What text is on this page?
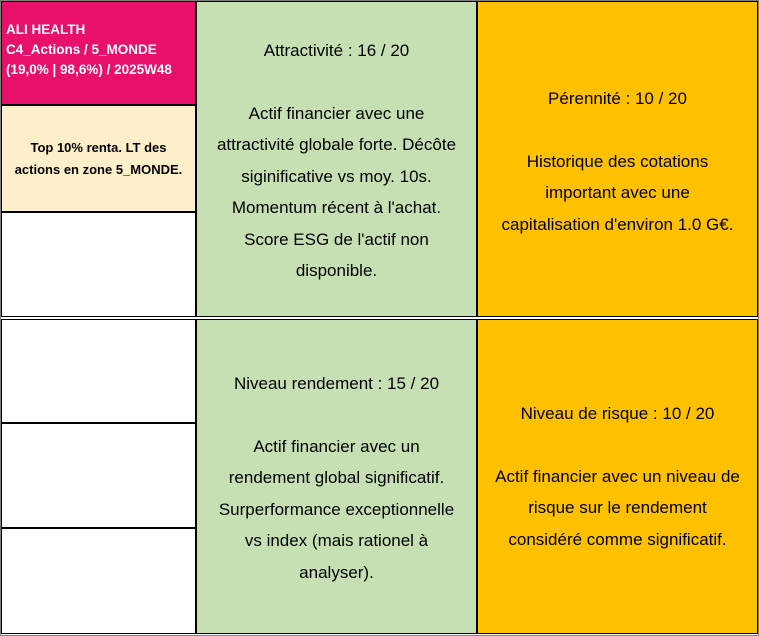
ALI HEALTH
C4_Actions / 5_MONDE
(19,0% | 98,6%) / 2025W48
Top 10% renta. LT des actions en zone 5_MONDE.
Attractivité : 16 / 20
Actif financier avec une
attractivité globale forte. Décôte
siginificative vs moy. 10s.
Momentum récent à l'achat.
Score ESG de l'actif non
disponible.
Pérennité : 10 / 20
Historique des cotations
important avec une
capitalisation d'environ 1.0 G€.
Niveau rendement : 15 / 20
Actif financier avec un
rendement global significatif.
Surperformance exceptionnelle
vs index (mais rationel à
analyser).
Niveau de risque : 10 / 20
Actif financier avec un niveau de
risque sur le rendement
considéré comme significatif.
